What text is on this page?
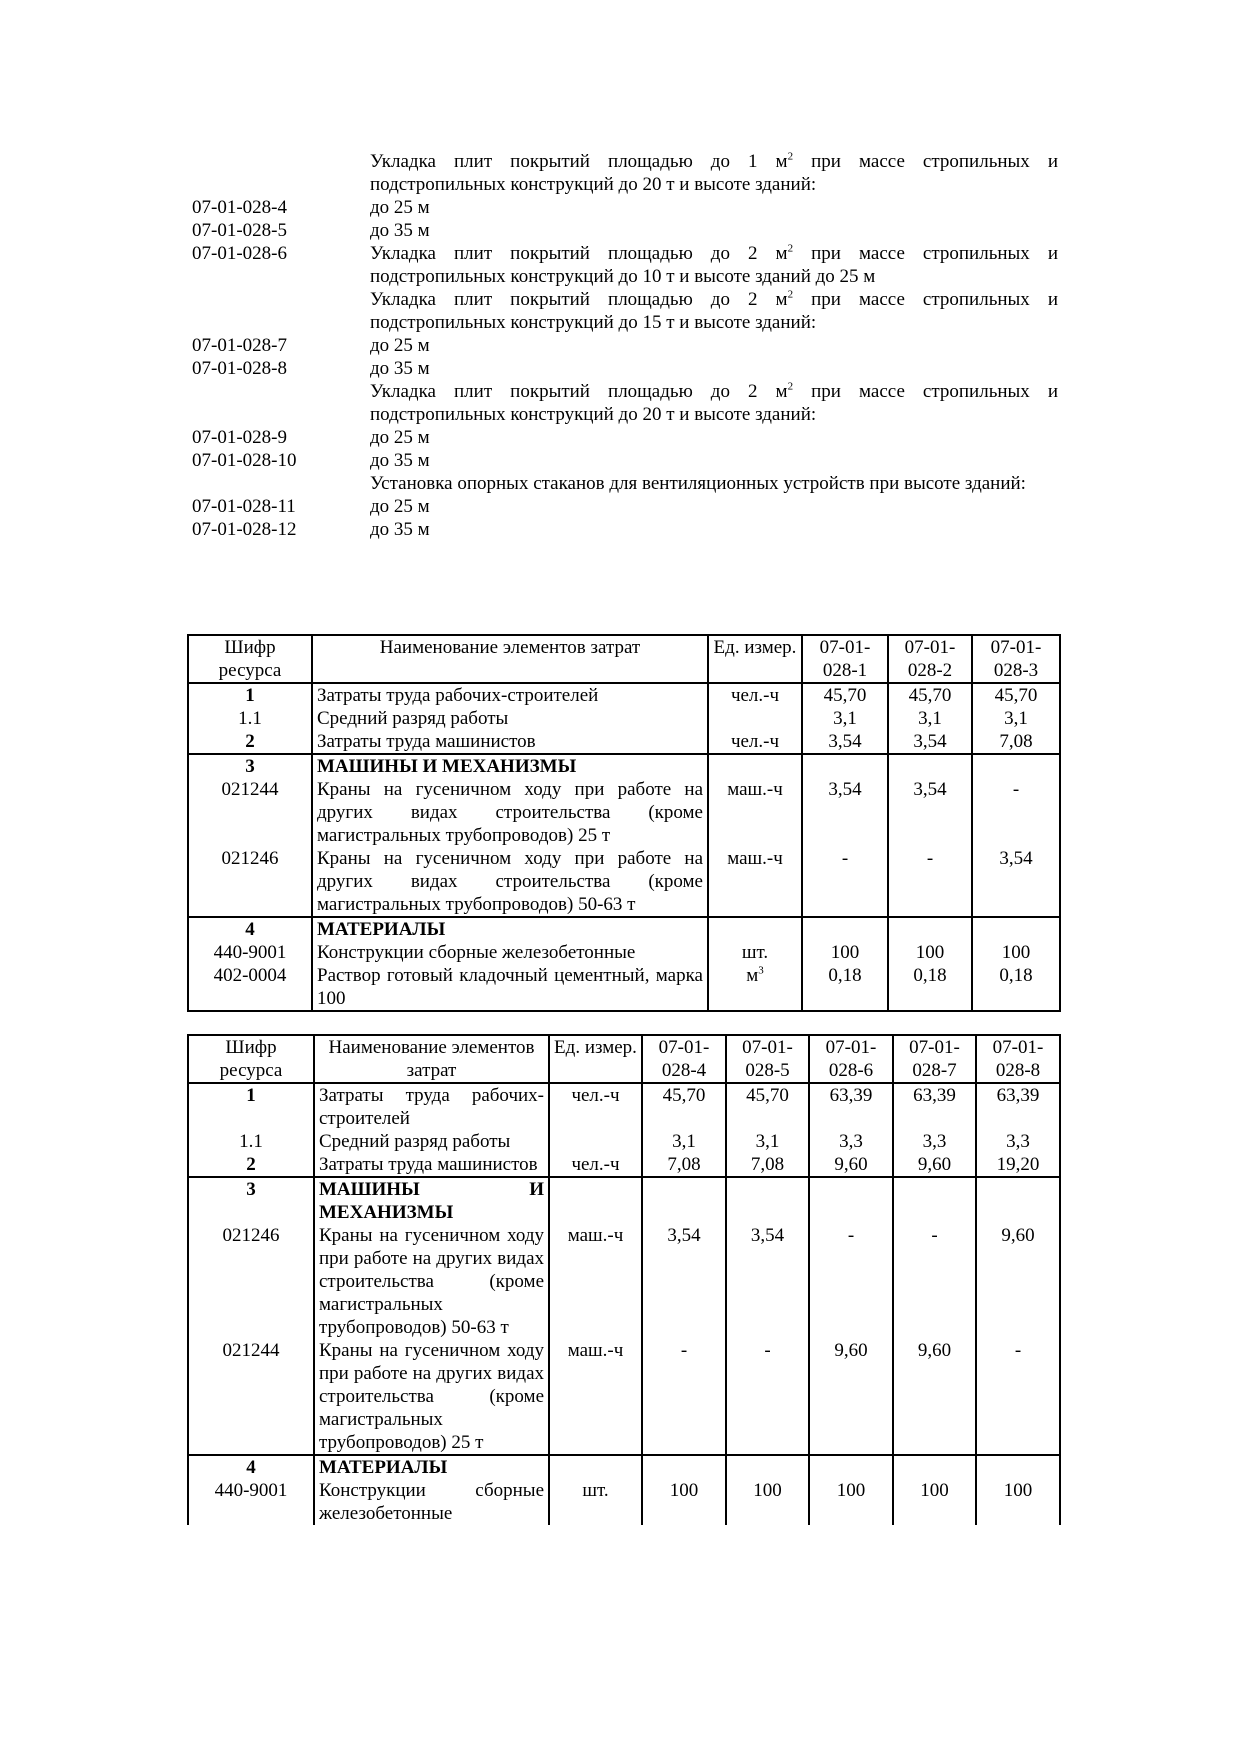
Укладка плит покрытий площадью до 1 $м^2$ при массе стропильных и подстропильных конструкций до 20 т и высоте зданий:
07-01-028-4	до 25 м
07-01-028-5	до 35 м
07-01-028-6	Укладка плит покрытий площадью до 2 $м^2$ при массе стропильных и подстропильных конструкций до 10 т и высоте зданий до 25 м
Укладка плит покрытий площадью до 2 $м^2$ при массе стропильных и подстропильных конструкций до 15 т и высоте зданий:
07-01-028-7	до 25 м
07-01-028-8	до 35 м
Укладка плит покрытий площадью до 2 $м^2$ при массе стропильных и подстропильных конструкций до 20 т и высоте зданий:
07-01-028-9	до 25 м
07-01-028-10	до 35 м
Установка опорных стаканов для вентиляционных устройств при высоте зданий:
07-01-028-11	до 25 м
07-01-028-12	до 35 м
Шифр ресурса	Наименование элементов затрат	Ед. измер.	07-01-028-1	07-01-028-2	07-01-028-3
1	Затраты труда рабочих-строителей	чел.-ч	45,70	45,70	45,70
1.1	Средний разряд работы		3,1	3,1	3,1
2	Затраты труда машинистов	чел.-ч	3,54	3,54	7,08
3	МАШИНЫ И МЕХАНИЗМЫ				
021244	Краны на гусеничном ходу при работе на других видах строительства (кроме магистральных трубопроводов) 25 т	маш.-ч	3,54	3,54	-
021246	Краны на гусеничном ходу при работе на других видах строительства (кроме магистральных трубопроводов) 50-63 т	маш.-ч	-	-	3,54
4	МАТЕРИАЛЫ				
440-9001	Конструкции сборные железобетонные	шт.	100	100	100
402-0004	Раствор готовый кладочный цементный, марка 100	$м^3$	0,18	0,18	0,18
Шифр ресурса	Наименование элементов затрат	Ед. измер.	07-01-028-4	07-01-028-5	07-01-028-6	07-01-028-7	07-01-028-8
1	Затраты труда рабочих-строителей	чел.-ч	45,70	45,70	63,39	63,39	63,39
1.1	Средний разряд работы		3,1	3,1	3,3	3,3	3,3
2	Затраты труда машинистов	чел.-ч	7,08	7,08	9,60	9,60	19,20
3	МАШИНЫ И МЕХАНИЗМЫ						
021246	Краны на гусеничном ходу при работе на других видах строительства (кроме магистральных трубопроводов) 50-63 т	маш.-ч	3,54	3,54	-	-	9,60
021244	Краны на гусеничном ходу при работе на других видах строительства (кроме магистральных трубопроводов) 25 т	маш.-ч	-	-	9,60	9,60	-
4	МАТЕРИАЛЫ						
440-9001	Конструкции сборные железобетонные	шт.	100	100	100	100	100
